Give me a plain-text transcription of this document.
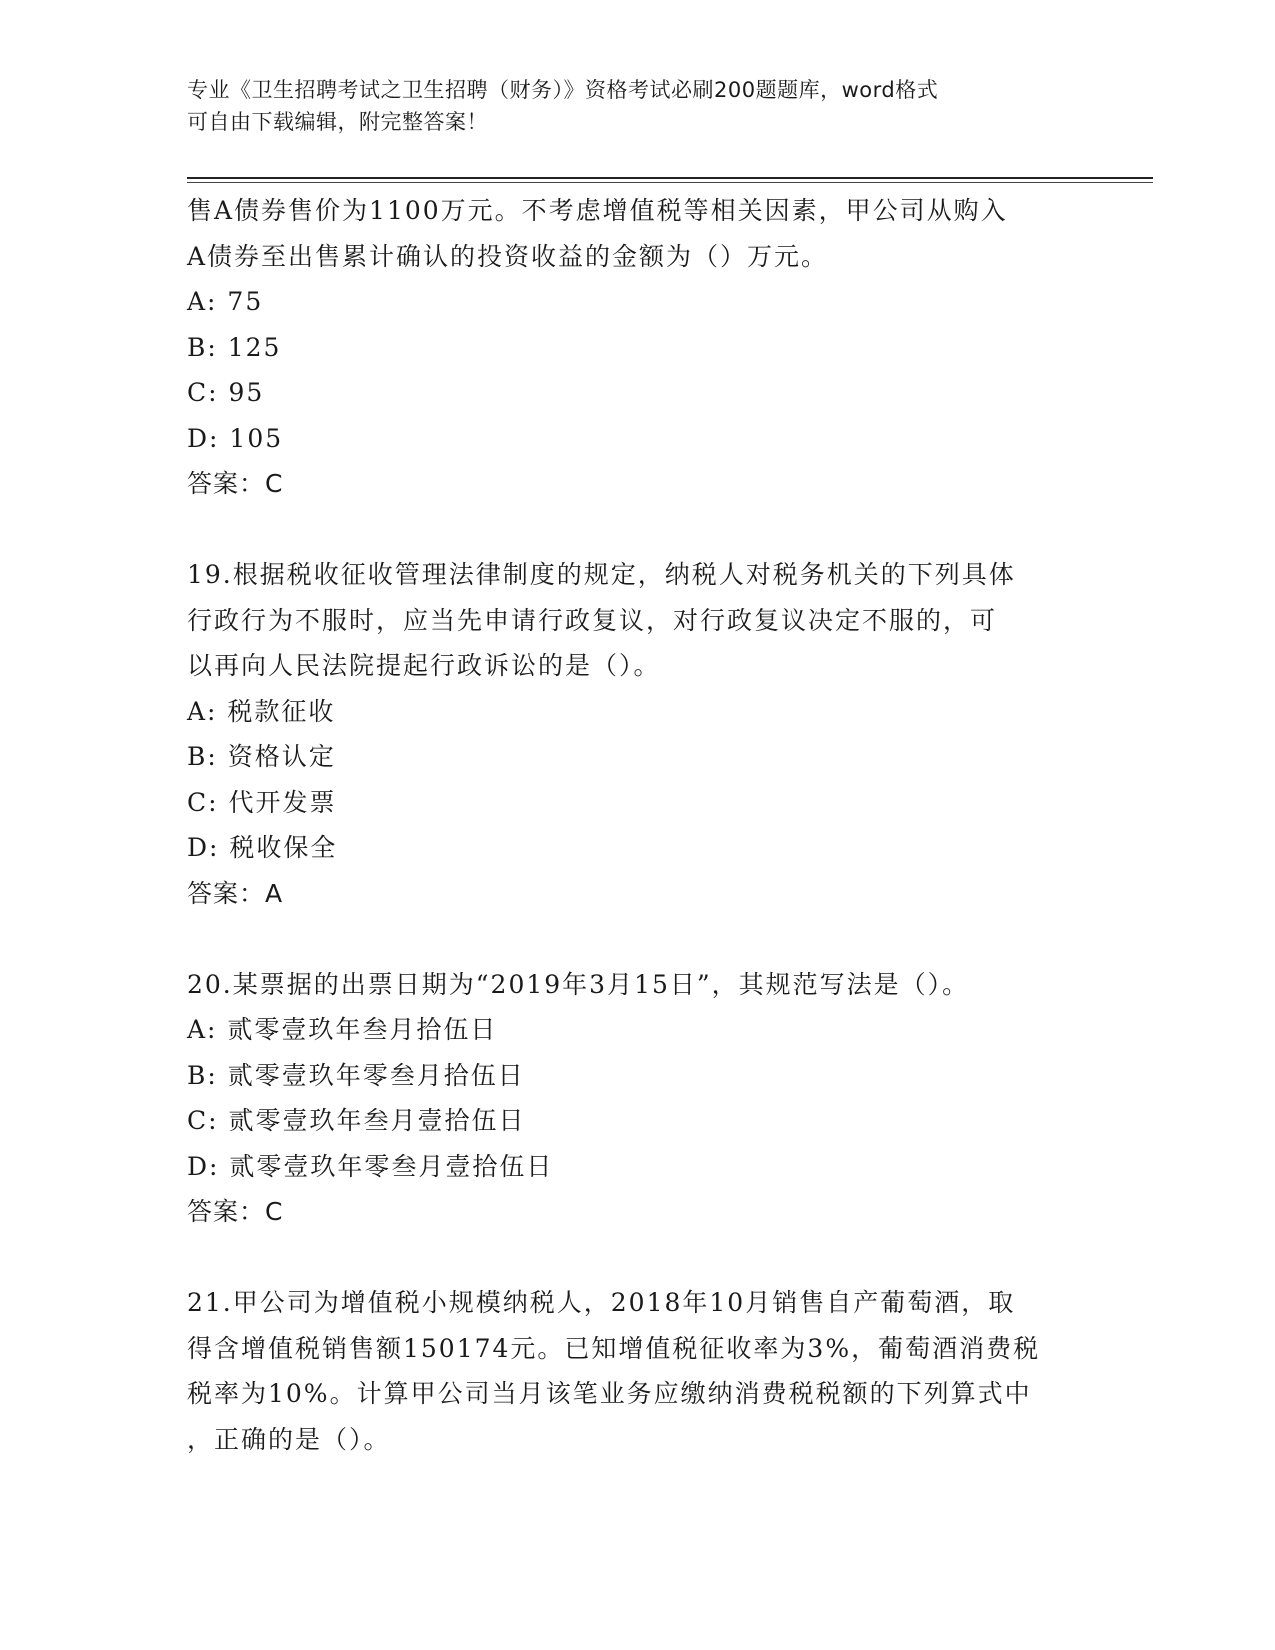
专业《卫生招聘考试之卫生招聘（财务）》资格考试必刷200题题库，word格式
可自由下载编辑，附完整答案！
售A债券售价为1100万元。不考虑增值税等相关因素，甲公司从购入
A债券至出售累计确认的投资收益的金额为（）万元。
A: 75
B: 125
C: 95
D: 105
答案：C
19.根据税收征收管理法律制度的规定，纳税人对税务机关的下列具体
行政行为不服时，应当先申请行政复议，对行政复议决定不服的，可
以再向人民法院提起行政诉讼的是（）。
A: 税款征收
B: 资格认定
C: 代开发票
D: 税收保全
答案：A
20.某票据的出票日期为“2019年3月15日”，其规范写法是（）。
A: 贰零壹玖年叁月拾伍日
B: 贰零壹玖年零叁月拾伍日
C: 贰零壹玖年叁月壹拾伍日
D: 贰零壹玖年零叁月壹拾伍日
答案：C
21.甲公司为增值税小规模纳税人，2018年10月销售自产葡萄酒，取
得含增值税销售额150174元。已知增值税征收率为3%，葡萄酒消费税
税率为10%。计算甲公司当月该笔业务应缴纳消费税税额的下列算式中
，正确的是（）。
